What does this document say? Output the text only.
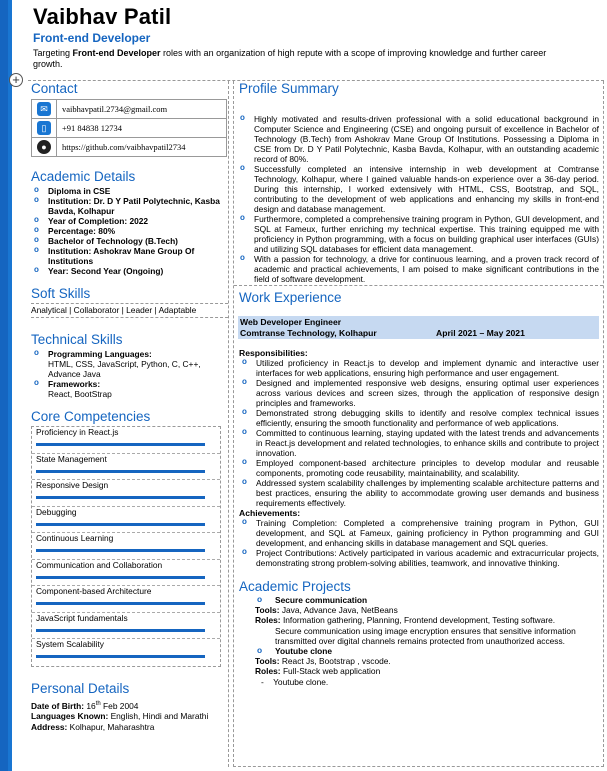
+
Vaibhav Patil
Front-end Developer
Targeting Front-end Developer roles with an organization of high repute with a scope of improving knowledge and further career growth.
Contact
✉	vaibhavpatil.2734@gmail.com

▯	+91 84838 12734

●	https://github.com/vaibhavpatil2734
Academic Details
o Diploma in CSE
o Institution: Dr. D Y Patil Polytechnic, Kasba Bavda, Kolhapur
o Year of Completion: 2022
o Percentage: 80%
o Bachelor of Technology (B.Tech)
o Institution: Ashokrav Mane Group Of Institutions
o Year: Second Year (Ongoing)
Soft Skills
Analytical | Collaborator | Leader | Adaptable
Technical Skills
o Programming Languages:
HTML, CSS, JavaScript, Python, C, C++, Advance Java
o Frameworks:
React, BootStrap
Core Competencies
Proficiency in React.js
State Management
Responsive Design
Debugging
Continuous Learning
Communication and Collaboration
Component-based Architecture
JavaScript fundamentals
System Scalability
Personal Details
Date of Birth: 16th Feb 2004
Languages Known: English, Hindi and Marathi
Address: Kolhapur, Maharashtra
Profile Summary
o Highly motivated and results-driven professional with a solid educational background in Computer Science and Engineering (CSE) and ongoing pursuit of excellence in Bachelor of Technology (B.Tech) from Ashokrav Mane Group Of Institutions. Possessing a Diploma in CSE from Dr. D Y Patil Polytechnic, Kasba Bavda, Kolhapur, with an outstanding academic record of 80%.
o Successfully completed an intensive internship in web development at Comtranse Technology, Kolhapur, where I gained valuable hands-on experience over a 36-day period. During this internship, I worked extensively with HTML, CSS, Bootstrap, and SQL, contributing to the development of web applications and enhancing my skills in front-end design and database management.
o Furthermore, completed a comprehensive training program in Python, GUI development, and SQL at Fameux, further enriching my technical expertise. This training equipped me with proficiency in Python programming, with a focus on building graphical user interfaces (GUIs) and utilizing SQL databases for efficient data management.
o With a passion for technology, a drive for continuous learning, and a proven track record of academic and practical achievements, I am poised to make significant contributions in the field of software development.
Work Experience
Web Developer Engineer
Comtranse Technology, Kolhapur	April 2021 – May 2021
Responsibilities:
o Utilized proficiency in React.js to develop and implement dynamic and interactive user interfaces for web applications, ensuring high performance and user engagement.
o Designed and implemented responsive web designs, ensuring optimal user experiences across various devices and screen sizes, through the application of responsive design principles and frameworks.
o Demonstrated strong debugging skills to identify and resolve complex technical issues efficiently, ensuring the smooth functionality and performance of web applications.
o Committed to continuous learning, staying updated with the latest trends and advancements in React.js development and related technologies, to enhance skills and contribute to project innovation.
o Employed component-based architecture principles to develop modular and reusable components, promoting code reusability, maintainability, and scalability.
o Addressed system scalability challenges by implementing scalable architecture patterns and best practices, ensuring the ability to accommodate growing user demands and business requirements effectively.
Achievements:
o Training Completion: Completed a comprehensive training program in Python, GUI development, and SQL at Fameux, gaining proficiency in Python programming and GUI development, and enhancing skills in database management and SQL queries.
o Project Contributions: Actively participated in various academic and extracurricular projects, demonstrating strong problem-solving abilities, teamwork, and innovative thinking.
Academic Projects
o Secure communication
Tools: Java, Advance Java, NetBeans
Roles: Information gathering, Planning, Frontend development, Testing software.
Secure communication using image encryption ensures that sensitive information transmitted over digital channels remains protected from unauthorized access.
o Youtube clone
Tools: React Js, Bootstrap , vscode.
Roles: Full-Stack web application
-    Youtube clone.
